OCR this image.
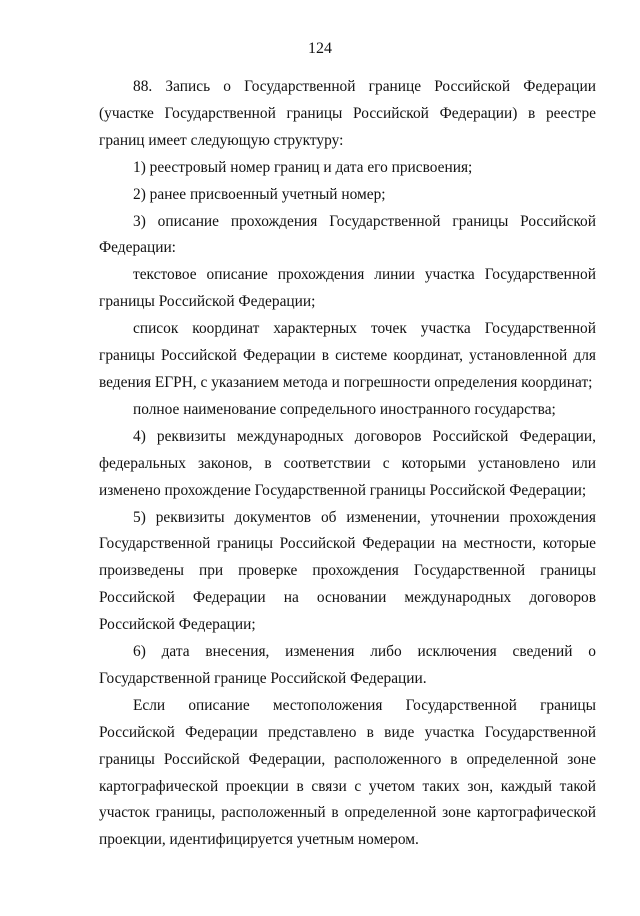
124

88. Запись о Государственной границе Российской Федерации (участке Государственной границы Российской Федерации) в реестре границ имеет следующую структуру:

1) реестровый номер границ и дата его присвоения;

2) ранее присвоенный учетный номер;

3) описание прохождения Государственной границы Российской Федерации:

текстовое описание прохождения линии участка Государственной границы Российской Федерации;

список координат характерных точек участка Государственной границы Российской Федерации в системе координат, установленной для ведения ЕГРН, с указанием метода и погрешности определения координат;

полное наименование сопредельного иностранного государства;

4) реквизиты международных договоров Российской Федерации, федеральных законов, в соответствии с которыми установлено или изменено прохождение Государственной границы Российской Федерации;

5) реквизиты документов об изменении, уточнении прохождения Государственной границы Российской Федерации на местности, которые произведены при проверке прохождения Государственной границы Российской Федерации на основании международных договоров Российской Федерации;

6) дата внесения, изменения либо исключения сведений о Государственной границе Российской Федерации.

Если описание местоположения Государственной границы Российской Федерации представлено в виде участка Государственной границы Российской Федерации, расположенного в определенной зоне картографической проекции в связи с учетом таких зон, каждый такой участок границы, расположенный в определенной зоне картографической проекции, идентифицируется учетным номером.
